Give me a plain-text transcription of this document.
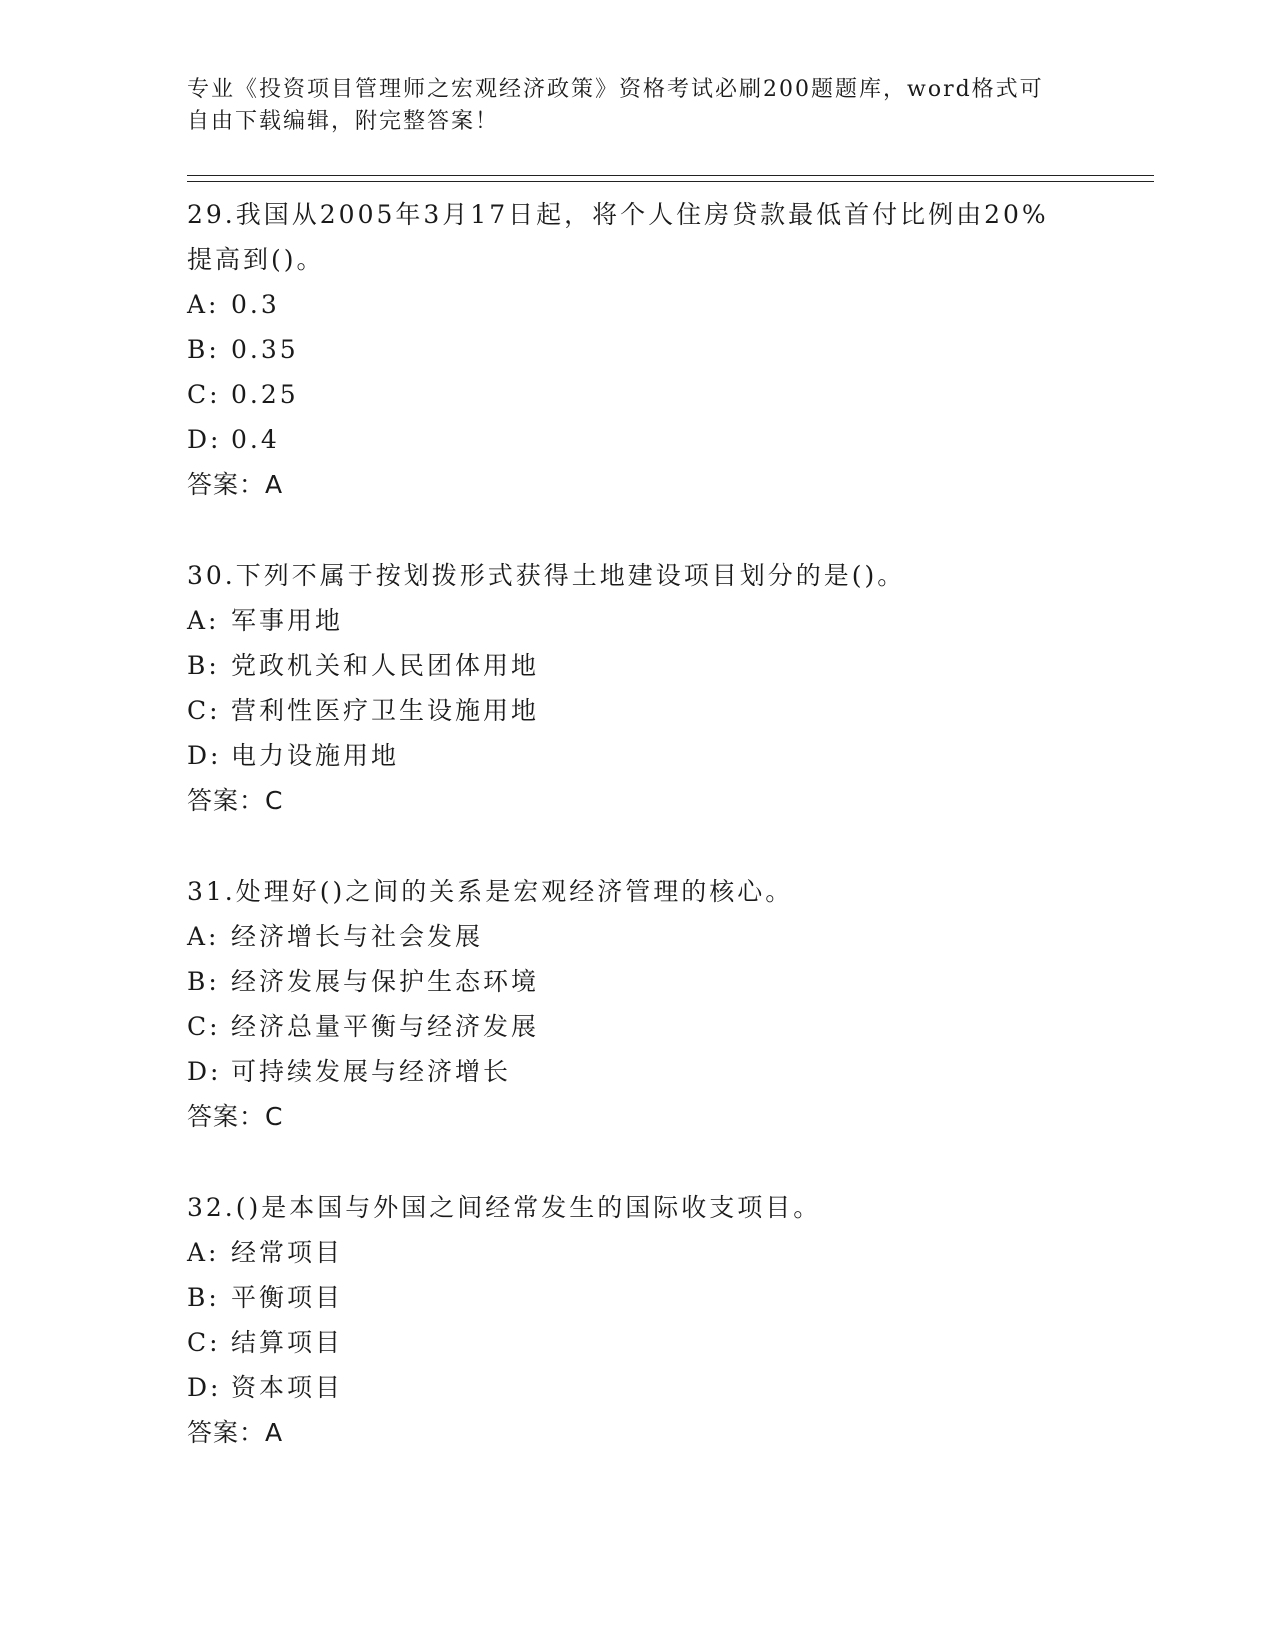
专业《投资项目管理师之宏观经济政策》资格考试必刷200题题库，word格式可
自由下载编辑，附完整答案！
29.我国从2005年3月17日起，将个人住房贷款最低首付比例由20%
提高到()。
A: 0.3
B: 0.35
C: 0.25
D: 0.4
答案：A
30.下列不属于按划拨形式获得土地建设项目划分的是()。
A: 军事用地
B: 党政机关和人民团体用地
C: 营利性医疗卫生设施用地
D: 电力设施用地
答案：C
31.处理好()之间的关系是宏观经济管理的核心。
A: 经济增长与社会发展
B: 经济发展与保护生态环境
C: 经济总量平衡与经济发展
D: 可持续发展与经济增长
答案：C
32.()是本国与外国之间经常发生的国际收支项目。
A: 经常项目
B: 平衡项目
C: 结算项目
D: 资本项目
答案：A
